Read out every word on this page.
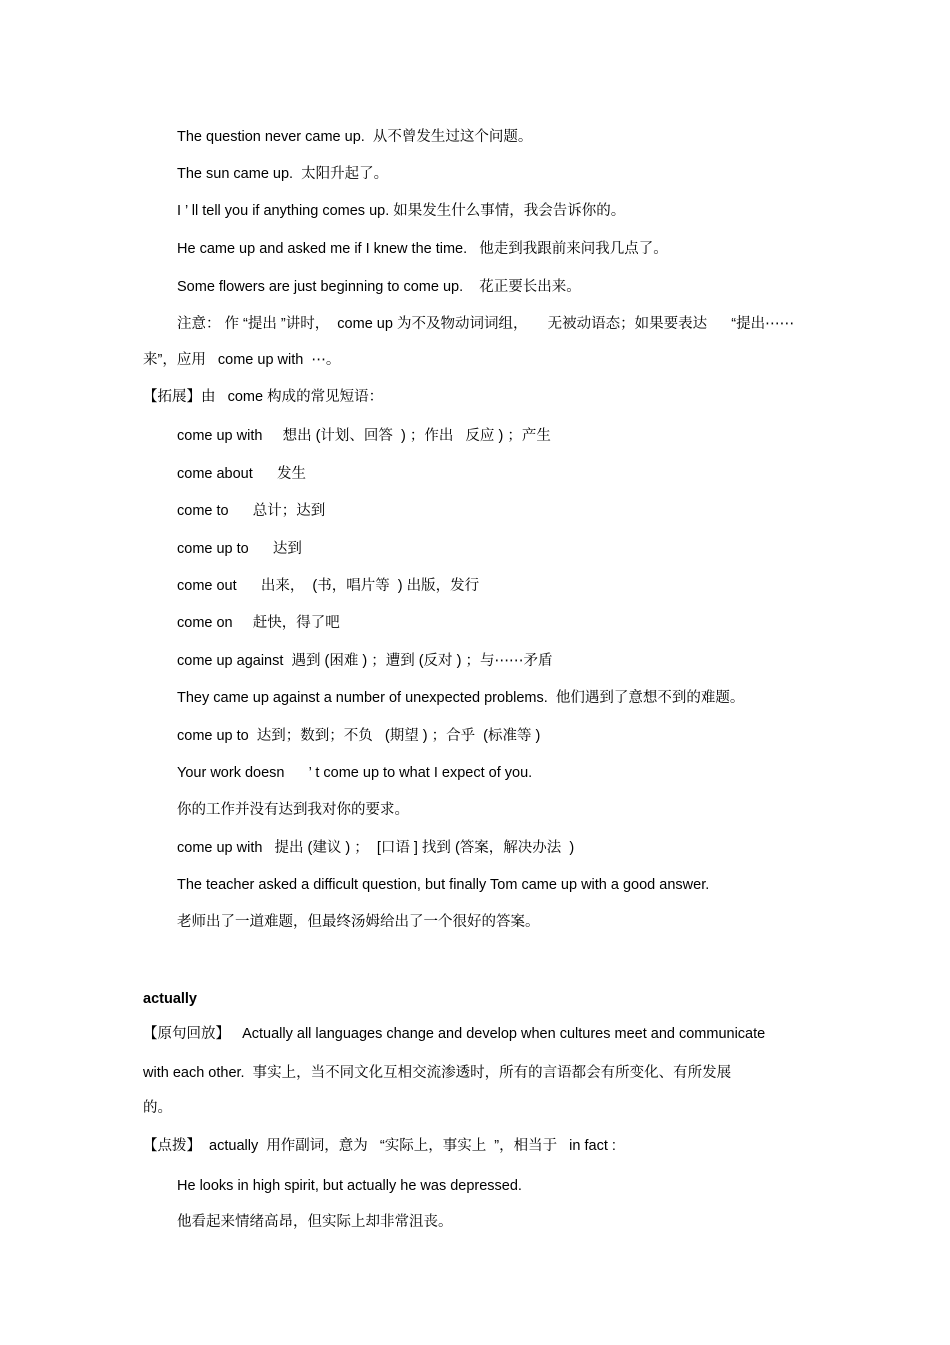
The question never came up.  从不曾发生过这个问题。
The sun came up.  太阳升起了。
I ’ ll tell you if anything comes up. 如果发生什么事情，我会告诉你的。
He came up and asked me if I knew the time.   他走到我跟前来问我几点了。
Some flowers are just beginning to come up.    花正要长出来。
注意： 作 “提出 ”讲时，  come up 为不及物动词词组，     无被动语态；如果要表达      “提出⋯⋯
来”，应用   come up with  ⋯。
【拓展】由   come 构成的常见短语：
come up with     想出 (计划、回答  ) ；作出   反应 ) ；产生
come about      发生
come to      总计；达到
come up to      达到
come out      出来，  (书，唱片等  ) 出版，发行
come on     赶快，得了吧
come up against  遇到 (困难 ) ；遭到 (反对 ) ；与⋯⋯矛盾
They came up against a number of unexpected problems.  他们遇到了意想不到的难题。
come up to  达到；数到；不负   (期望 ) ；合乎  (标准等 )
Your work doesn      ’ t come up to what I expect of you.
你的工作并没有达到我对你的要求。
come up with   提出 (建议 ) ；  [口语 ] 找到 (答案，解决办法  )
The teacher asked a difficult question, but finally Tom came up with a good answer.
老师出了一道难题，但最终汤姆给出了一个很好的答案。
actually
【原句回放】   Actually all languages change and develop when cultures meet and communicate
with each other.  事实上，当不同文化互相交流渗透时，所有的言语都会有所变化、有所发展
的。
【点拨】  actually  用作副词，意为   “实际上，事实上  ”，相当于   in fact :
He looks in high spirit, but actually he was depressed.
他看起来情绪高昂，但实际上却非常沮丧。
